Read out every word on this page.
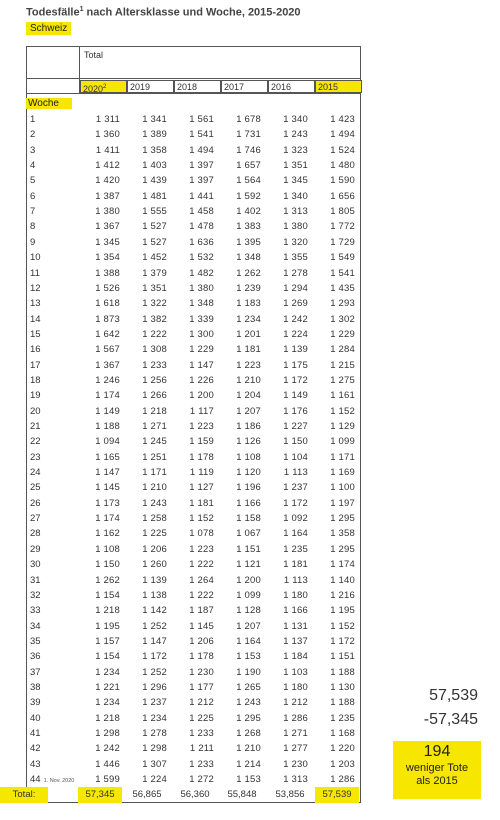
Todesfälle$^1$ nach Altersklasse und Woche, 2015-2020
Schweiz
Total
2020$^2$	2019	2018	2017	2016	2015
Woche
1	1 311	1 341	1 561	1 678	1 340	1 423
2	1 360	1 389	1 541	1 731	1 243	1 494
3	1 411	1 358	1 494	1 746	1 323	1 524
4	1 412	1 403	1 397	1 657	1 351	1 480
5	1 420	1 439	1 397	1 564	1 345	1 590
6	1 387	1 481	1 441	1 592	1 340	1 656
7	1 380	1 555	1 458	1 402	1 313	1 805
8	1 367	1 527	1 478	1 383	1 380	1 772
9	1 345	1 527	1 636	1 395	1 320	1 729
10	1 354	1 452	1 532	1 348	1 355	1 549
11	1 388	1 379	1 482	1 262	1 278	1 541
12	1 526	1 351	1 380	1 239	1 294	1 435
13	1 618	1 322	1 348	1 183	1 269	1 293
14	1 873	1 382	1 339	1 234	1 242	1 302
15	1 642	1 222	1 300	1 201	1 224	1 229
16	1 567	1 308	1 229	1 181	1 139	1 284
17	1 367	1 233	1 147	1 223	1 175	1 215
18	1 246	1 256	1 226	1 210	1 172	1 275
19	1 174	1 266	1 200	1 204	1 149	1 161
20	1 149	1 218	1 117	1 207	1 176	1 152
21	1 188	1 271	1 223	1 186	1 227	1 129
22	1 094	1 245	1 159	1 126	1 150	1 099
23	1 165	1 251	1 178	1 108	1 104	1 171
24	1 147	1 171	1 119	1 120	1 113	1 169
25	1 145	1 210	1 127	1 196	1 237	1 100
26	1 173	1 243	1 181	1 166	1 172	1 197
27	1 174	1 258	1 152	1 158	1 092	1 295
28	1 162	1 225	1 078	1 067	1 164	1 358
29	1 108	1 206	1 223	1 151	1 235	1 295
30	1 150	1 260	1 222	1 121	1 181	1 174
31	1 262	1 139	1 264	1 200	1 113	1 140
32	1 154	1 138	1 222	1 099	1 180	1 216
33	1 218	1 142	1 187	1 128	1 166	1 195
34	1 195	1 252	1 145	1 207	1 131	1 152
35	1 157	1 147	1 206	1 164	1 137	1 172
36	1 154	1 172	1 178	1 153	1 184	1 151
37	1 234	1 252	1 230	1 190	1 103	1 188
38	1 221	1 296	1 177	1 265	1 180	1 130
39	1 234	1 237	1 212	1 243	1 212	1 188
40	1 218	1 234	1 225	1 295	1 286	1 235
41	1 298	1 278	1 233	1 268	1 271	1 168
42	1 242	1 298	1 211	1 210	1 277	1 220
43	1 446	1 307	1 233	1 214	1 230	1 203
44 1. Nov. 2020	1 599	1 224	1 272	1 153	1 313	1 286
Total:	57,345	56,865	56,360	55,848	53,856	57,539
57,539
-57,345
194
weniger Tote
als 2015
